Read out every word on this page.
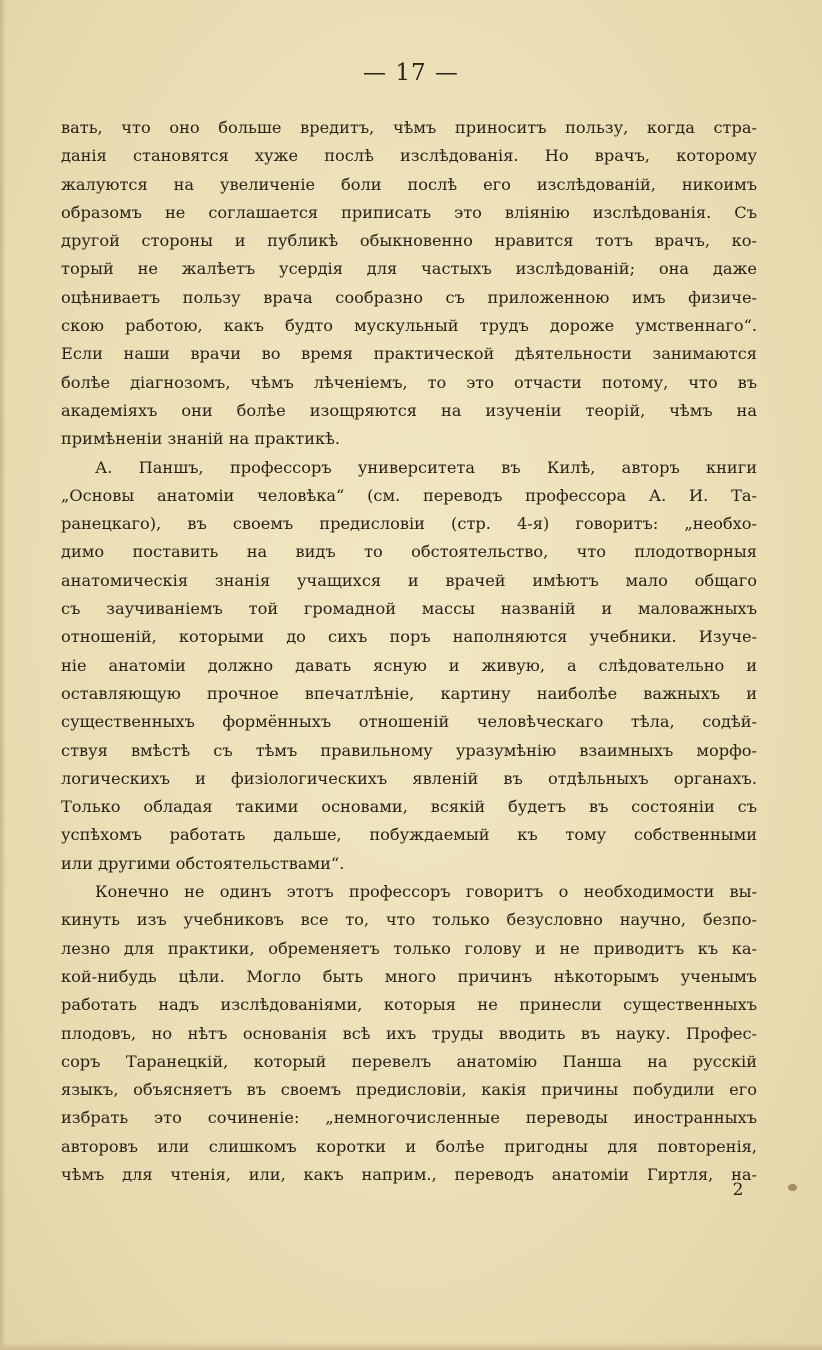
— 17 —
вать, что оно больше вредитъ, чѣмъ приноситъ пользу, когда стра-
данія становятся хуже послѣ изслѣдованія. Но врачъ, которому
жалуются на увеличеніе боли послѣ его изслѣдованій, никоимъ
образомъ не соглашается приписать это вліянію изслѣдованія. Съ
другой стороны и публикѣ обыкновенно нравится тотъ врачъ, ко-
торый не жалѣетъ усердія для частыхъ изслѣдованій; она даже
оцѣниваетъ пользу врача сообразно съ приложенною имъ физиче-
скою работою, какъ будто мускульный трудъ дороже умственнаго“.
Если наши врачи во время практической дѣятельности занимаются
болѣе діагнозомъ, чѣмъ лѣченіемъ, то это отчасти потому, что въ
академіяхъ они болѣе изощряются на изученіи теорій, чѣмъ на
примѣненіи знаній на практикѣ.
А. Паншъ, профессоръ университета въ Килѣ, авторъ книги
„Основы анатоміи человѣка“ (см. переводъ профессора А. И. Та-
ранецкаго), въ своемъ предисловіи (стр. 4-я) говоритъ: „необхо-
димо поставить на видъ то обстоятельство, что плодотворныя
анатомическія знанія учащихся и врачей имѣютъ мало общаго
съ заучиваніемъ той громадной массы названій и маловажныхъ
отношеній, которыми до сихъ поръ наполняются учебники. Изуче-
ніе анатоміи должно давать ясную и живую, а слѣдовательно и
оставляющую прочное впечатлѣніе, картину наиболѣе важныхъ и
существенныхъ формённыхъ отношеній человѣческаго тѣла, содѣй-
ствуя вмѣстѣ съ тѣмъ правильному уразумѣнію взаимныхъ морфо-
логическихъ и физіологическихъ явленій въ отдѣльныхъ органахъ.
Только обладая такими основами, всякій будетъ въ состояніи съ
успѣхомъ работать дальше, побуждаемый къ тому собственными
или другими обстоятельствами“.
Конечно не одинъ этотъ профессоръ говоритъ о необходимости вы-
кинуть изъ учебниковъ все то, что только безусловно научно, безпо-
лезно для практики, обременяетъ только голову и не приводитъ къ ка-
кой-нибудь цѣли. Могло быть много причинъ нѣкоторымъ ученымъ
работать надъ изслѣдованіями, которыя не принесли существенныхъ
плодовъ, но нѣтъ основанія всѣ ихъ труды вводить въ науку. Профес-
соръ Таранецкій, который перевелъ анатомію Панша на русскій
языкъ, объясняетъ въ своемъ предисловіи, какія причины побудили его
избрать это сочиненіе: „немногочисленные переводы иностранныхъ
авторовъ или слишкомъ коротки и болѣе пригодны для повторенія,
чѣмъ для чтенія, или, какъ наприм., переводъ анатоміи Гиртля, на-
2
